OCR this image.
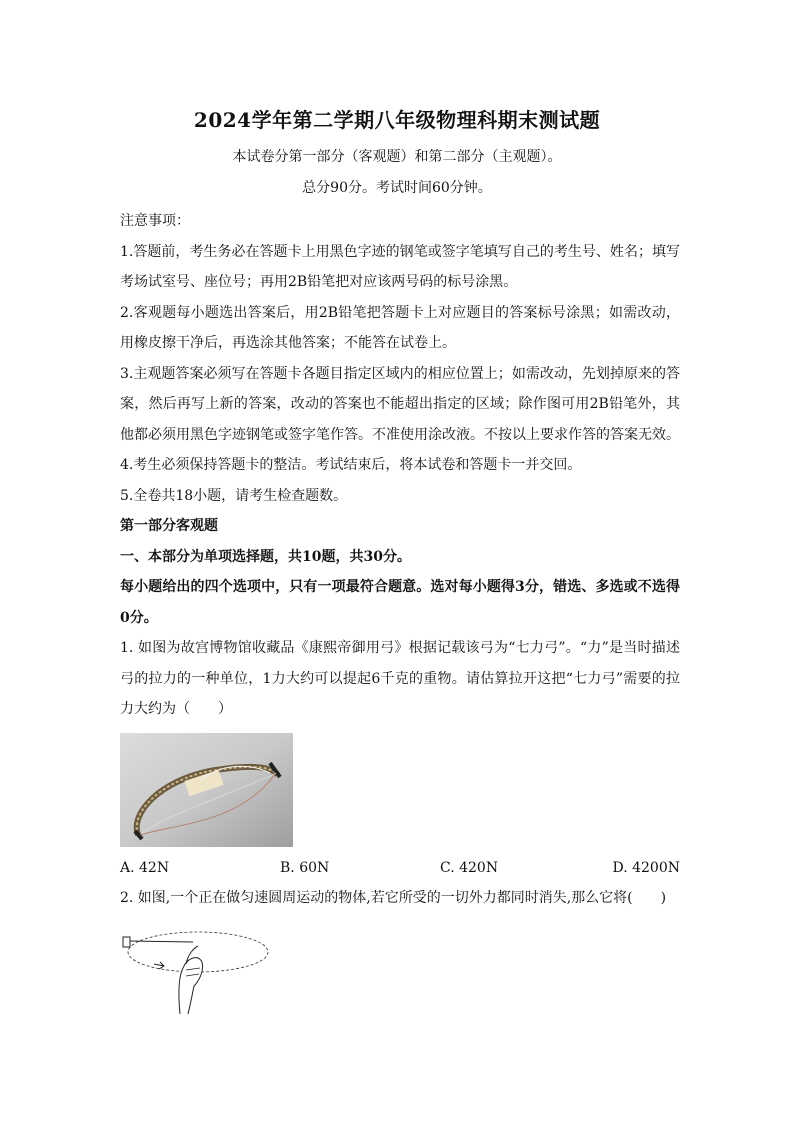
2024学年第二学期八年级物理科期末测试题
本试卷分第一部分（客观题）和第二部分（主观题）。
总分90分。考试时间60分钟。

注意事项：

1.答题前，考生务必在答题卡上用黑色字迹的钢笔或签字笔填写自己的考生号、姓名；填写考场试室号、座位号；再用2B铅笔把对应该两号码的标号涂黑。

2.客观题每小题选出答案后，用2B铅笔把答题卡上对应题目的答案标号涂黑；如需改动，用橡皮擦干净后，再选涂其他答案；不能答在试卷上。

3.主观题答案必须写在答题卡各题目指定区域内的相应位置上；如需改动，先划掉原来的答案，然后再写上新的答案，改动的答案也不能超出指定的区域；除作图可用2B铅笔外，其他都必须用黑色字迹钢笔或签字笔作答。不准使用涂改液。不按以上要求作答的答案无效。

4.考生必须保持答题卡的整洁。考试结束后，将本试卷和答题卡一并交回。

5.全卷共18小题，请考生检查题数。

第一部分客观题

一、本部分为单项选择题，共10题，共30分。

每小题给出的四个选项中，只有一项最符合题意。选对每小题得3分，错选、多选或不选得0分。

1. 如图为故宫博物馆收藏品《康熙帝御用弓》根据记载该弓为“七力弓”。“力”是当时描述弓的拉力的一种单位，1力大约可以提起6千克的重物。请估算拉开这把“七力弓”需要的拉力大约为（　　）

A. 42N	B. 60N	C. 420N	D. 4200N

2. 如图,一个正在做匀速圆周运动的物体,若它所受的一切外力都同时消失,那么它将(　　)
